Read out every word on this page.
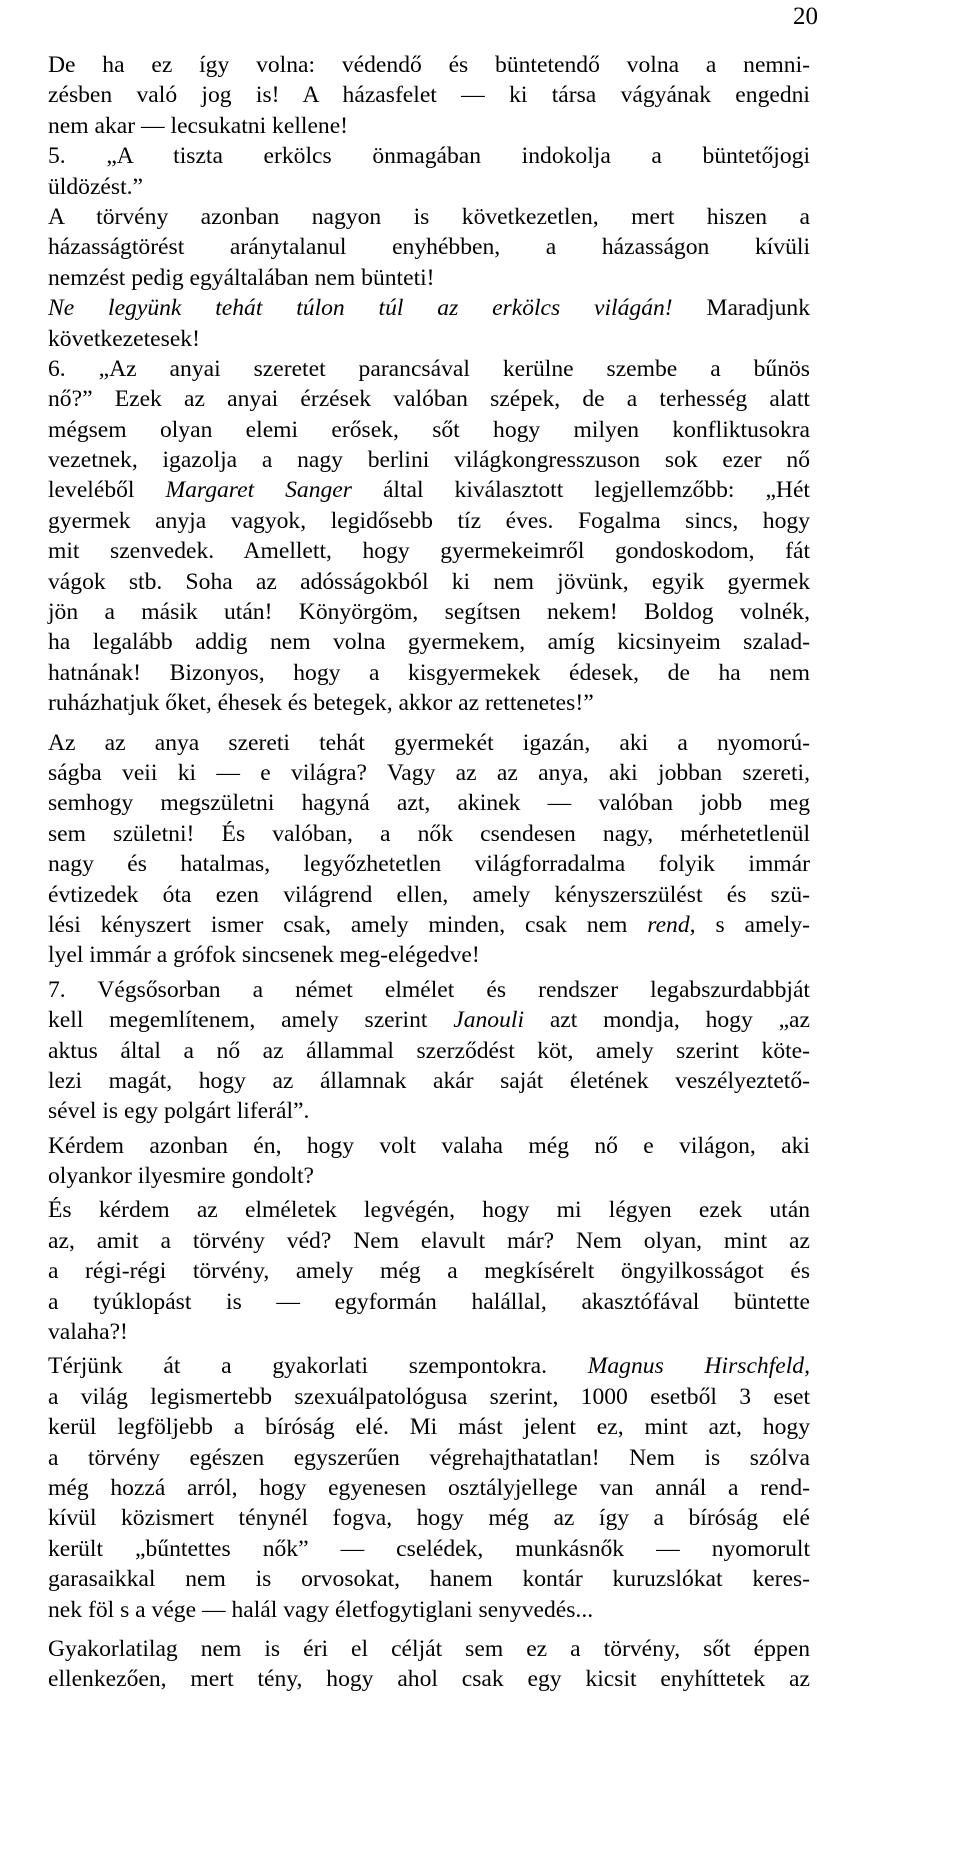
20
De ha ez így volna: védendő és büntetendő volna a nemni-
zésben való jog is! A házasfelet — ki társa vágyának engedni
nem akar — lecsukatni kellene!
5. „A tiszta erkölcs önmagában indokolja a büntetőjogi
üldözést.”
A törvény azonban nagyon is következetlen, mert hiszen a
házasságtörést aránytalanul enyhébben, a házasságon kívüli
nemzést pedig egyáltalában nem bünteti!
Ne legyünk tehát túlon túl az erkölcs világán! Maradjunk
következetesek!
6. „Az anyai szeretet parancsával kerülne szembe a bűnös
nő?” Ezek az anyai érzések valóban szépek, de a terhesség alatt
mégsem olyan elemi erősek, sőt hogy milyen konfliktusokra
vezetnek, igazolja a nagy berlini világkongresszuson sok ezer nő
leveléből Margaret Sanger által kiválasztott legjellemzőbb: „Hét
gyermek anyja vagyok, legidősebb tíz éves. Fogalma sincs, hogy
mit szenvedek. Amellett, hogy gyermekeimről gondoskodom, fát
vágok stb. Soha az adósságokból ki nem jövünk, egyik gyermek
jön a másik után! Könyörgöm, segítsen nekem! Boldog volnék,
ha legalább addig nem volna gyermekem, amíg kicsinyeim szalad-
hatnának! Bizonyos, hogy a kisgyermekek édesek, de ha nem
ruházhatjuk őket, éhesek és betegek, akkor az rettenetes!”
Az az anya szereti tehát gyermekét igazán, aki a nyomorú-
ságba veii ki — e világra? Vagy az az anya, aki jobban szereti,
semhogy megszületni hagyná azt, akinek — valóban jobb meg
sem születni! És valóban, a nők csendesen nagy, mérhetetlenül
nagy és hatalmas, legyőzhetetlen világforradalma folyik immár
évtizedek óta ezen világrend ellen, amely kényszerszülést és szü-
lési kényszert ismer csak, amely minden, csak nem rend, s amely-
lyel immár a grófok sincsenek meg-elégedve!
7. Végsősorban a német elmélet és rendszer legabszurdabbját
kell megemlítenem, amely szerint Janouli azt mondja, hogy „az
aktus által a nő az állammal szerződést köt, amely szerint köte-
lezi magát, hogy az államnak akár saját életének veszélyeztető-
sével is egy polgárt liferál”.
Kérdem azonban én, hogy volt valaha még nő e világon, aki
olyankor ilyesmire gondolt?
És kérdem az elméletek legvégén, hogy mi légyen ezek után
az, amit a törvény véd? Nem elavult már? Nem olyan, mint az
a régi-régi törvény, amely még a megkísérelt öngyilkosságot és
a tyúklopást is — egyformán halállal, akasztófával büntette
valaha?!
Térjünk át a gyakorlati szempontokra. Magnus Hirschfeld,
a világ legismertebb szexuálpatológusa szerint, 1000 esetből 3 eset
kerül legföljebb a bíróság elé. Mi mást jelent ez, mint azt, hogy
a törvény egészen egyszerűen végrehajthatatlan! Nem is szólva
még hozzá arról, hogy egyenesen osztályjellege van annál a rend-
kívül közismert ténynél fogva, hogy még az így a bíróság elé
került „bűntettes nők” — cselédek, munkásnők — nyomorult
garasaikkal nem is orvosokat, hanem kontár kuruzslókat keres-
nek föl s a vége — halál vagy életfogytiglani senyvedés...
Gyakorlatilag nem is éri el célját sem ez a törvény, sőt éppen
ellenkezően, mert tény, hogy ahol csak egy kicsit enyhíttetek az
